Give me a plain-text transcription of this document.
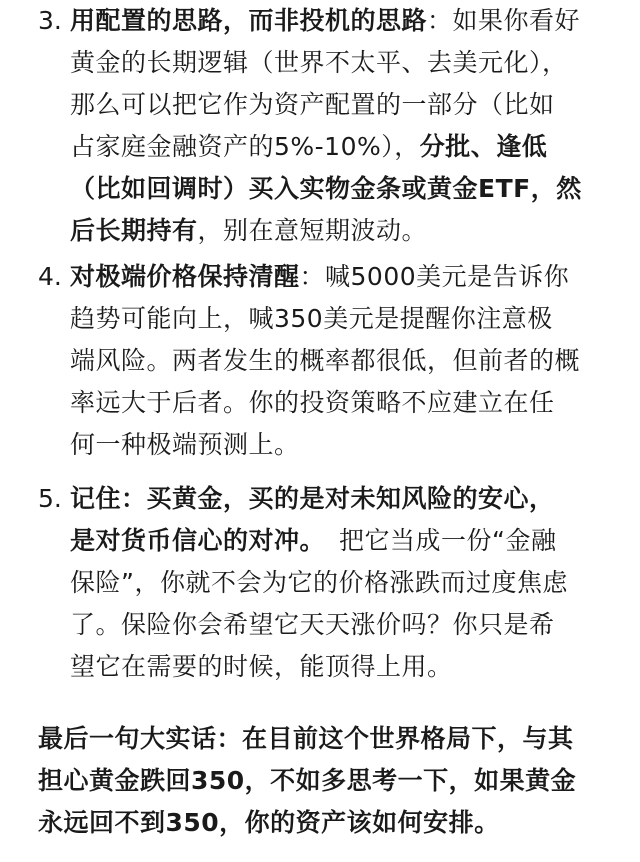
3. 用配置的思路，而非投机的思路：如果你看好
黄金的长期逻辑（世界不太平、去美元化），
那么可以把它作为资产配置的一部分（比如
占家庭金融资产的5%-10%），分批、逢低
（比如回调时）买入实物金条或黄金ETF，然
后长期持有，别在意短期波动。
4. 对极端价格保持清醒：喊5000美元是告诉你
趋势可能向上，喊350美元是提醒你注意极
端风险。两者发生的概率都很低，但前者的概
率远大于后者。你的投资策略不应建立在任
何一种极端预测上。
5. 记住：买黄金，买的是对未知风险的安心，
是对货币信心的对冲。 把它当成一份“金融
保险”，你就不会为它的价格涨跌而过度焦虑
了。保险你会希望它天天涨价吗？你只是希
望它在需要的时候，能顶得上用。
最后一句大实话：在目前这个世界格局下，与其
担心黄金跌回350，不如多思考一下，如果黄金
永远回不到350，你的资产该如何安排。
